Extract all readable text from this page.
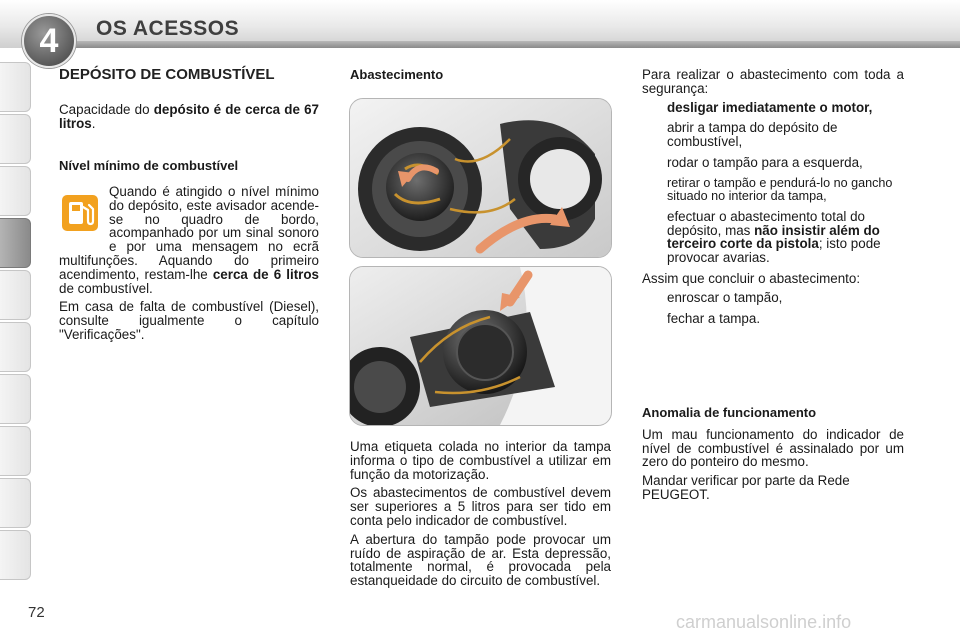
4	OS ACESSOS
DEPÓSITO DE COMBUSTÍVEL

Capacidade do depósito é de cerca de 67 litros.

Nível mínimo de combustível

Quando é atingido o nível mínimo do depósito, este avisador acende-se no quadro de bordo, acompanhado por um sinal sonoro e por uma mensagem no ecrã multifunções. Aquando do primeiro acendimento, restam-lhe cerca de 6 litros de combustível.

Em casa de falta de combustível (Diesel), consulte igualmente o capítulo "Verificações".

Abastecimento

Uma etiqueta colada no interior da tampa informa o tipo de combustível a utilizar em função da motorização.

Os abastecimentos de combustível devem ser superiores a 5 litros para ser tido em conta pelo indicador de combustível.

A abertura do tampão pode provocar um ruído de aspiração de ar. Esta depressão, totalmente normal, é provocada pela estanqueidade do circuito de combustível.

Para realizar o abastecimento com toda a segurança:

desligar imediatamente o motor,
abrir a tampa do depósito de combustível,
rodar o tampão para a esquerda,
retirar o tampão e pendurá-lo no gancho situado no interior da tampa,
efectuar o abastecimento total do depósito, mas não insistir além do terceiro corte da pistola; isto pode provocar avarias.

Assim que concluir o abastecimento:

enroscar o tampão,
fechar a tampa.

Anomalia de funcionamento

Um mau funcionamento do indicador de nível de combustível é assinalado por um zero do ponteiro do mesmo.

Mandar verificar por parte da Rede PEUGEOT.

72	carmanualsonline.info
